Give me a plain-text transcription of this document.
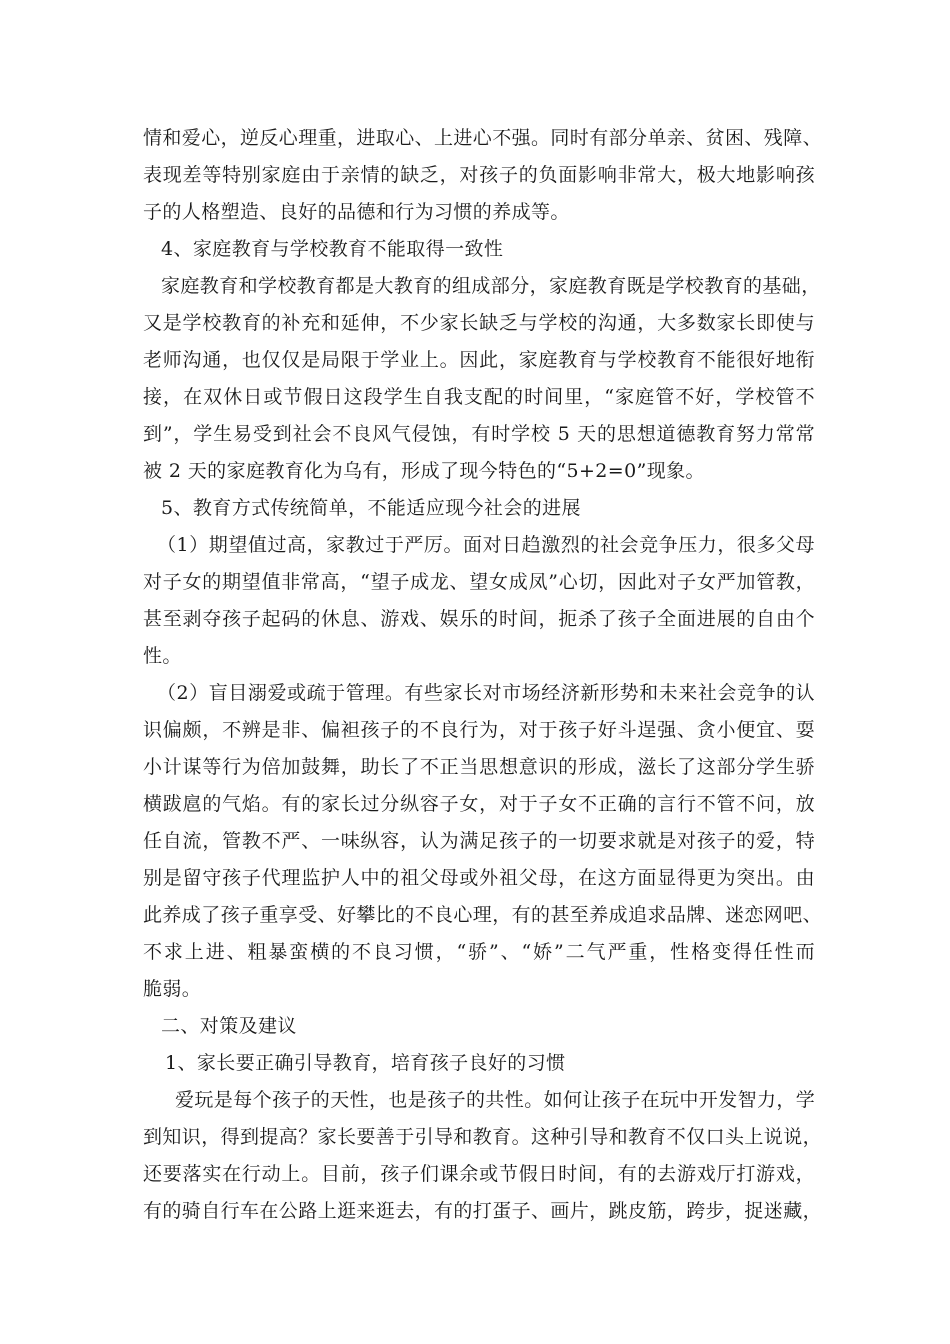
情和爱心，逆反心理重，进取心、上进心不强。同时有部分单亲、贫困、残障、
表现差等特别家庭由于亲情的缺乏，对孩子的负面影响非常大，极大地影响孩
子的人格塑造、良好的品德和行为习惯的养成等。
4、家庭教育与学校教育不能取得一致性
家庭教育和学校教育都是大教育的组成部分，家庭教育既是学校教育的基础，
又是学校教育的补充和延伸，不少家长缺乏与学校的沟通，大多数家长即使与
老师沟通，也仅仅是局限于学业上。因此，家庭教育与学校教育不能很好地衔
接，在双休日或节假日这段学生自我支配的时间里，“家庭管不好，学校管不
到”，学生易受到社会不良风气侵蚀，有时学校 5 天的思想道德教育努力常常
被 2 天的家庭教育化为乌有，形成了现今特色的“5+2=0”现象。
5、教育方式传统简单，不能适应现今社会的进展
（1）期望值过高，家教过于严厉。面对日趋激烈的社会竞争压力，很多父母
对子女的期望值非常高，“望子成龙、望女成凤”心切，因此对子女严加管教，
甚至剥夺孩子起码的休息、游戏、娱乐的时间，扼杀了孩子全面进展的自由个
性。
（2）盲目溺爱或疏于管理。有些家长对市场经济新形势和未来社会竞争的认
识偏颇，不辨是非、偏袒孩子的不良行为，对于孩子好斗逞强、贪小便宜、耍
小计谋等行为倍加鼓舞，助长了不正当思想意识的形成，滋长了这部分学生骄
横跋扈的气焰。有的家长过分纵容子女，对于子女不正确的言行不管不问，放
任自流，管教不严、一味纵容，认为满足孩子的一切要求就是对孩子的爱，特
别是留守孩子代理监护人中的祖父母或外祖父母，在这方面显得更为突出。由
此养成了孩子重享受、好攀比的不良心理，有的甚至养成追求品牌、迷恋网吧、
不求上进、粗暴蛮横的不良习惯，“骄”、“娇”二气严重，性格变得任性而
脆弱。
二、对策及建议
1、家长要正确引导教育，培育孩子良好的习惯
爱玩是每个孩子的天性，也是孩子的共性。如何让孩子在玩中开发智力，学
到知识，得到提高？家长要善于引导和教育。这种引导和教育不仅口头上说说，
还要落实在行动上。目前，孩子们课余或节假日时间，有的去游戏厅打游戏，
有的骑自行车在公路上逛来逛去，有的打蛋子、画片，跳皮筋，跨步，捉迷藏，
